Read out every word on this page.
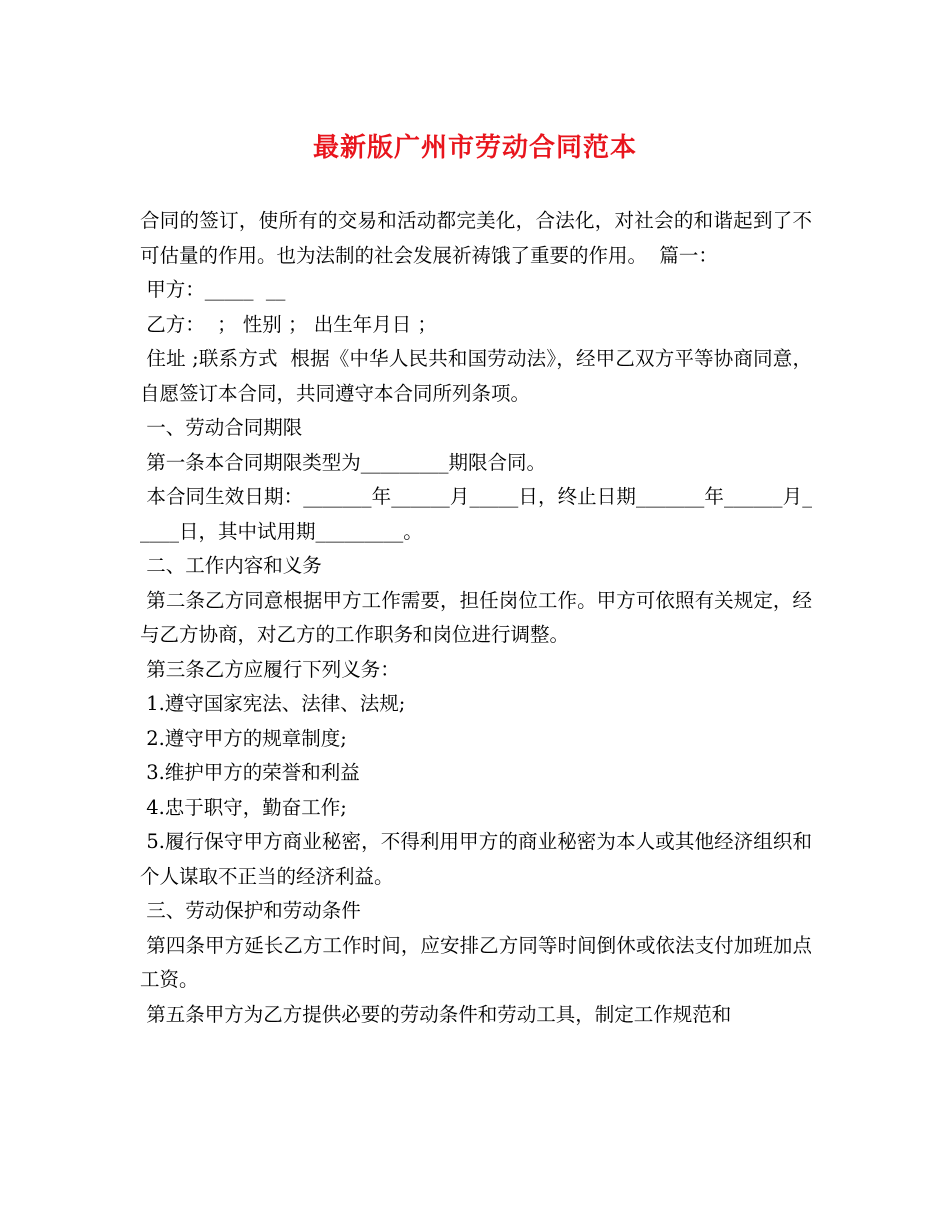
最新版广州市劳动合同范本

合同的签订，使所有的交易和活动都完美化，合法化，对社会的和谐起到了不可估量的作用。也为法制的社会发展祈祷饿了重要的作用。  篇一：

甲方：_____  __

乙方：  ； 性别 ； 出生年月日 ；

住址 ;联系方式  根据《中华人民共和国劳动法》，经甲乙双方平等协商同意，自愿签订本合同，共同遵守本合同所列条项。

一、劳动合同期限

第一条本合同期限类型为_________期限合同。

本合同生效日期：_______年______月_____日，终止日期_______年______月_____日，其中试用期_________。

二、工作内容和义务

第二条乙方同意根据甲方工作需要，担任岗位工作。甲方可依照有关规定，经与乙方协商，对乙方的工作职务和岗位进行调整。

第三条乙方应履行下列义务：

1.遵守国家宪法、法律、法规;

2.遵守甲方的规章制度;

3.维护甲方的荣誉和利益

4.忠于职守，勤奋工作;

5.履行保守甲方商业秘密，不得利用甲方的商业秘密为本人或其他经济组织和个人谋取不正当的经济利益。

三、劳动保护和劳动条件

第四条甲方延长乙方工作时间，应安排乙方同等时间倒休或依法支付加班加点工资。

第五条甲方为乙方提供必要的劳动条件和劳动工具，制定工作规范和
